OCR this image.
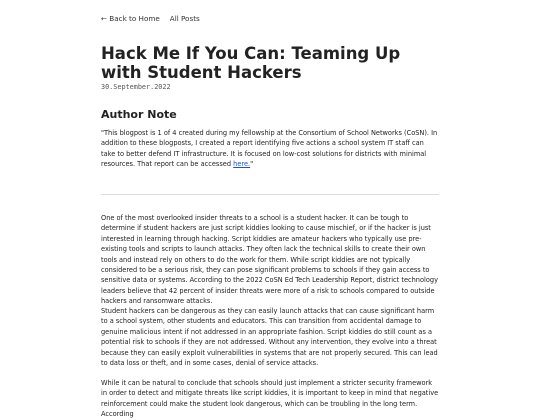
← Back to Home All Posts
Hack Me If You Can: Teaming Up with Student Hackers
30.September.2022
Author Note

"This blogpost is 1 of 4 created during my fellowship at the Consortium of School Networks (CoSN). In addition to these blogposts, I created a report identifying five actions a school system IT staff can take to better defend IT infrastructure. It is focused on low-cost solutions for districts with minimal resources. That report can be accessed here."

One of the most overlooked insider threats to a school is a student hacker. It can be tough to determine if student hackers are just script kiddies looking to cause mischief, or if the hacker is just interested in learning through hacking. Script kiddies are amateur hackers who typically use pre-existing tools and scripts to launch attacks. They often lack the technical skills to create their own tools and instead rely on others to do the work for them. While script kiddies are not typically considered to be a serious risk, they can pose significant problems to schools if they gain access to sensitive data or systems. According to the 2022 CoSN Ed Tech Leadership Report, district technology leaders believe that 42 percent of insider threats were more of a risk to schools compared to outside hackers and ransomware attacks.

Student hackers can be dangerous as they can easily launch attacks that can cause significant harm to a school system, other students and educators. This can transition from accidental damage to genuine malicious intent if not addressed in an appropriate fashion. Script kiddies do still count as a potential risk to schools if they are not addressed. Without any intervention, they evolve into a threat because they can easily exploit vulnerabilities in systems that are not properly secured. This can lead to data loss or theft, and in some cases, denial of service attacks.

While it can be natural to conclude that schools should just implement a stricter security framework in order to detect and mitigate threats like script kiddies, it is important to keep in mind that negative reinforcement could make the student look dangerous, which can be troubling in the long term. According
